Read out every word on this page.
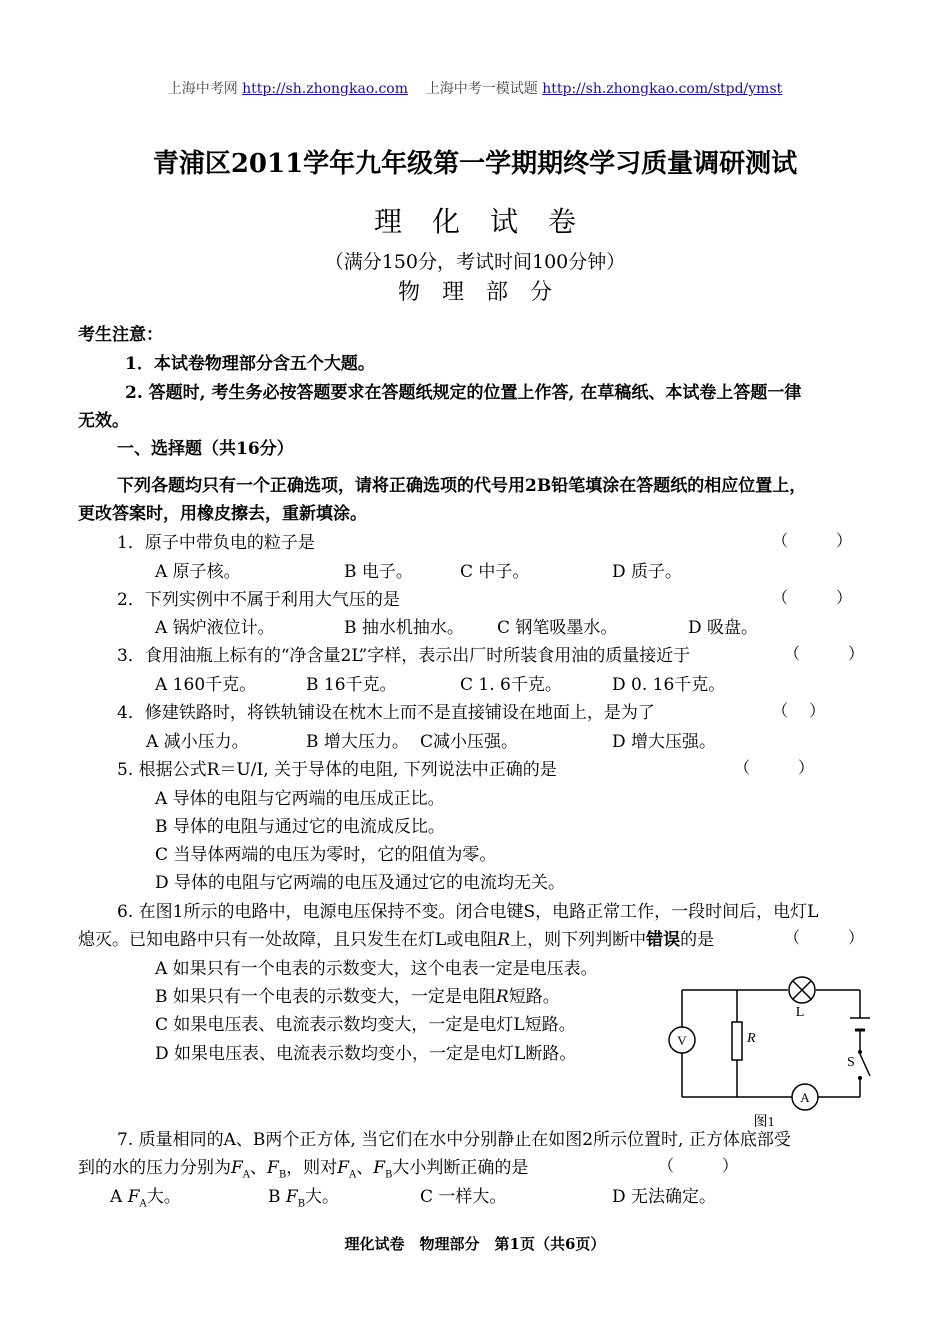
上海中考网 http://sh.zhongkao.com 上海中考一模试题 http://sh.zhongkao.com/stpd/ymst
青浦区2011学年九年级第一学期期终学习质量调研测试
理化试卷
（满分150分，考试时间100分钟）
物理部分
考生注意：
1．本试卷物理部分含五个大题。
2. 答题时, 考生务必按答题要求在答题纸规定的位置上作答, 在草稿纸、本试卷上答题一律
无效。
一、选择题（共16分）
下列各题均只有一个正确选项，请将正确选项的代号用2B铅笔填涂在答题纸的相应位置上，
更改答案时，用橡皮擦去，重新填涂。
1．原子中带负电的粒子是	（　　　）
A 原子核。	B 电子。	C 中子。	D 质子。
2．下列实例中不属于利用大气压的是	（　　　）
A 锅炉液位计。	B 抽水机抽水。 C 钢笔吸墨水。	D 吸盘。
3．食用油瓶上标有的“净含量2L”字样，表示出厂时所装食用油的质量接近于	（　　　）
A 160千克。	B 16千克。	C 1. 6千克。	D 0. 16千克。
4．修建铁路时，将铁轨铺设在枕木上而不是直接铺设在地面上，是为了	（　 ）
A 减小压力。	B 增大压力。 C减小压强。	D 增大压强。
5. 根据公式R＝U/I, 关于导体的电阻, 下列说法中正确的是	（　　　）
A 导体的电阻与它两端的电压成正比。
B 导体的电阻与通过它的电流成反比。
C 当导体两端的电压为零时，它的阻值为零。
D 导体的电阻与它两端的电压及通过它的电流均无关。
6. 在图1所示的电路中，电源电压保持不变。闭合电键S，电路正常工作，一段时间后，电灯L
熄灭。已知电路中只有一处故障，且只发生在灯L或电阻R上，则下列判断中错误的是	（　　　）
A 如果只有一个电表的示数变大，这个电表一定是电压表。
B 如果只有一个电表的示数变大，一定是电阻R短路。
C 如果电压表、电流表示数均变大，一定是电灯L短路。
D 如果电压表、电流表示数均变小，一定是电灯L断路。
V
A
L
R
S
图1
7. 质量相同的A、B两个正方体, 当它们在水中分别静止在如图2所示位置时, 正方体底部受
到的水的压力分别为$F_A$、$F_B$，则对$F_A$、$F_B$大小判断正确的是	（　　　）
A $F_A$大。	B $F_B$大。	C 一样大。	D 无法确定。
理化试卷　物理部分　第1页（共6页）
